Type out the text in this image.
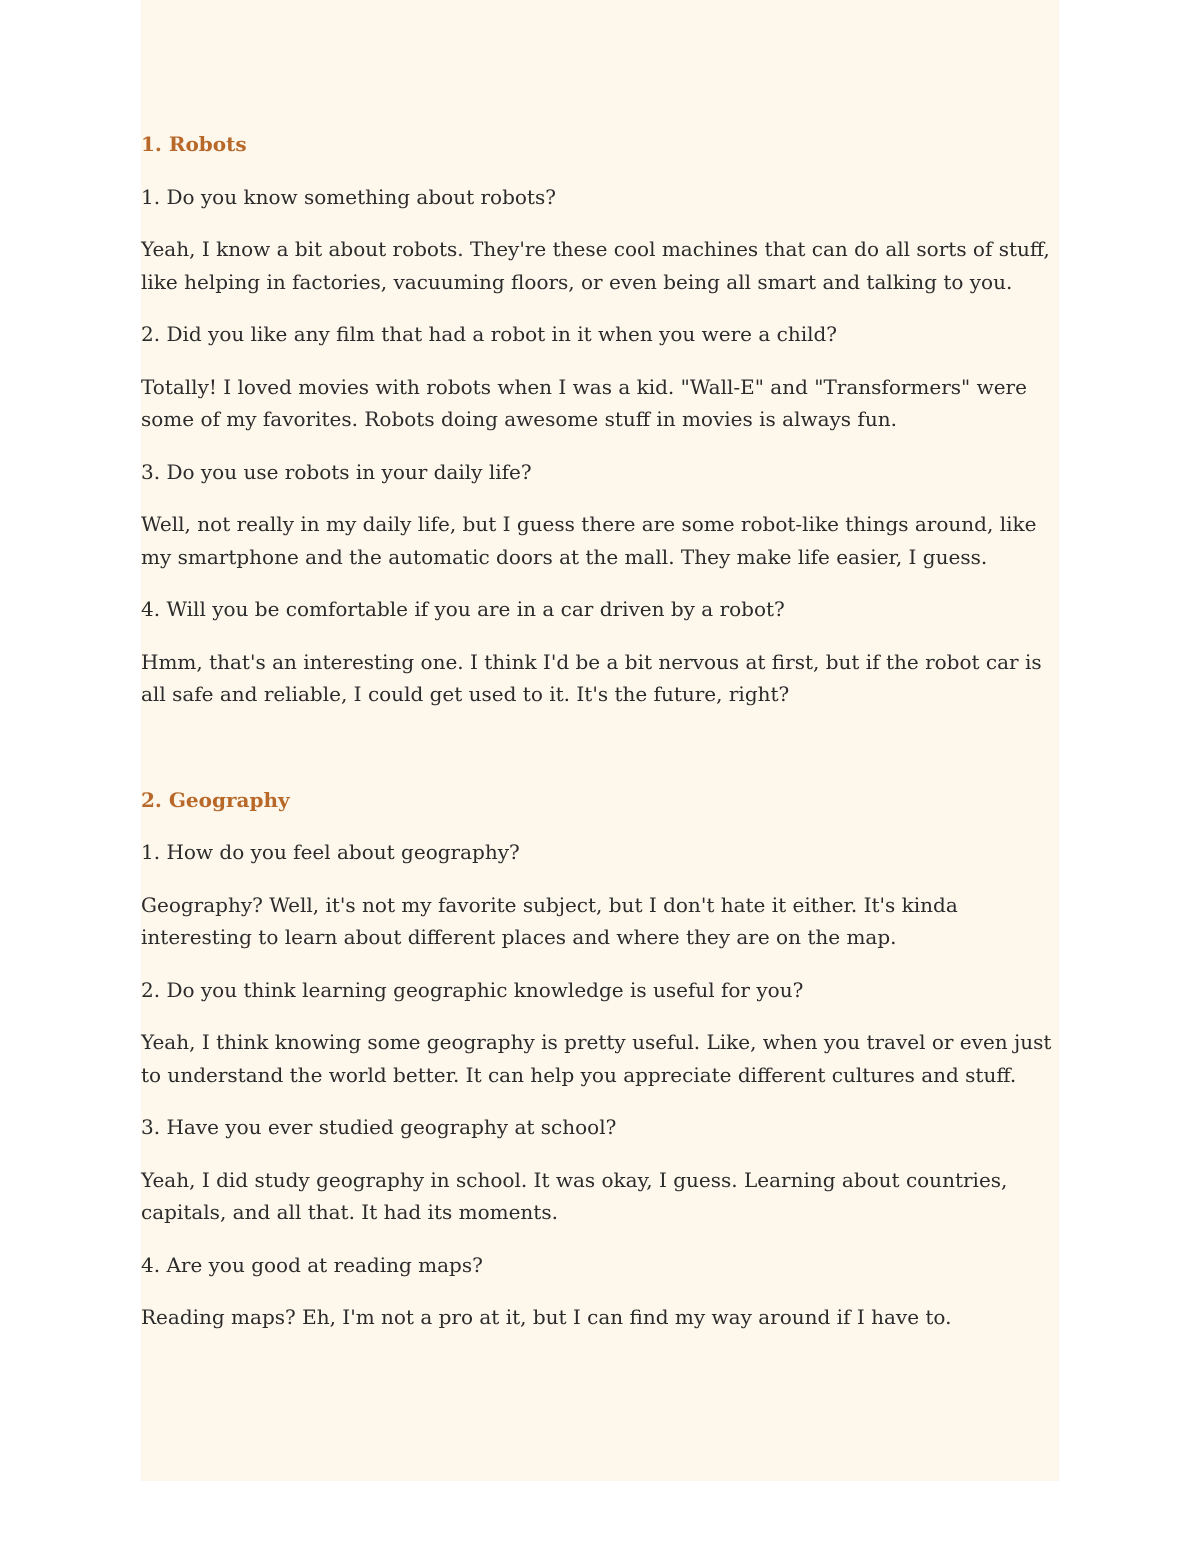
1. Robots
1. Do you know something about robots?
Yeah, I know a bit about robots. They're these cool machines that can do all sorts of stuff, like helping in factories, vacuuming floors, or even being all smart and talking to you.
2. Did you like any film that had a robot in it when you were a child?
Totally! I loved movies with robots when I was a kid. "Wall-E" and "Transformers" were some of my favorites. Robots doing awesome stuff in movies is always fun.
3. Do you use robots in your daily life?
Well, not really in my daily life, but I guess there are some robot-like things around, like my smartphone and the automatic doors at the mall. They make life easier, I guess.
4. Will you be comfortable if you are in a car driven by a robot?
Hmm, that's an interesting one. I think I'd be a bit nervous at first, but if the robot car is all safe and reliable, I could get used to it. It's the future, right?
2. Geography
1. How do you feel about geography?
Geography? Well, it's not my favorite subject, but I don't hate it either. It's kinda interesting to learn about different places and where they are on the map.
2. Do you think learning geographic knowledge is useful for you?
Yeah, I think knowing some geography is pretty useful. Like, when you travel or even just to understand the world better. It can help you appreciate different cultures and stuff.
3. Have you ever studied geography at school?
Yeah, I did study geography in school. It was okay, I guess. Learning about countries, capitals, and all that. It had its moments.
4. Are you good at reading maps?
Reading maps? Eh, I'm not a pro at it, but I can find my way around if I have to.
